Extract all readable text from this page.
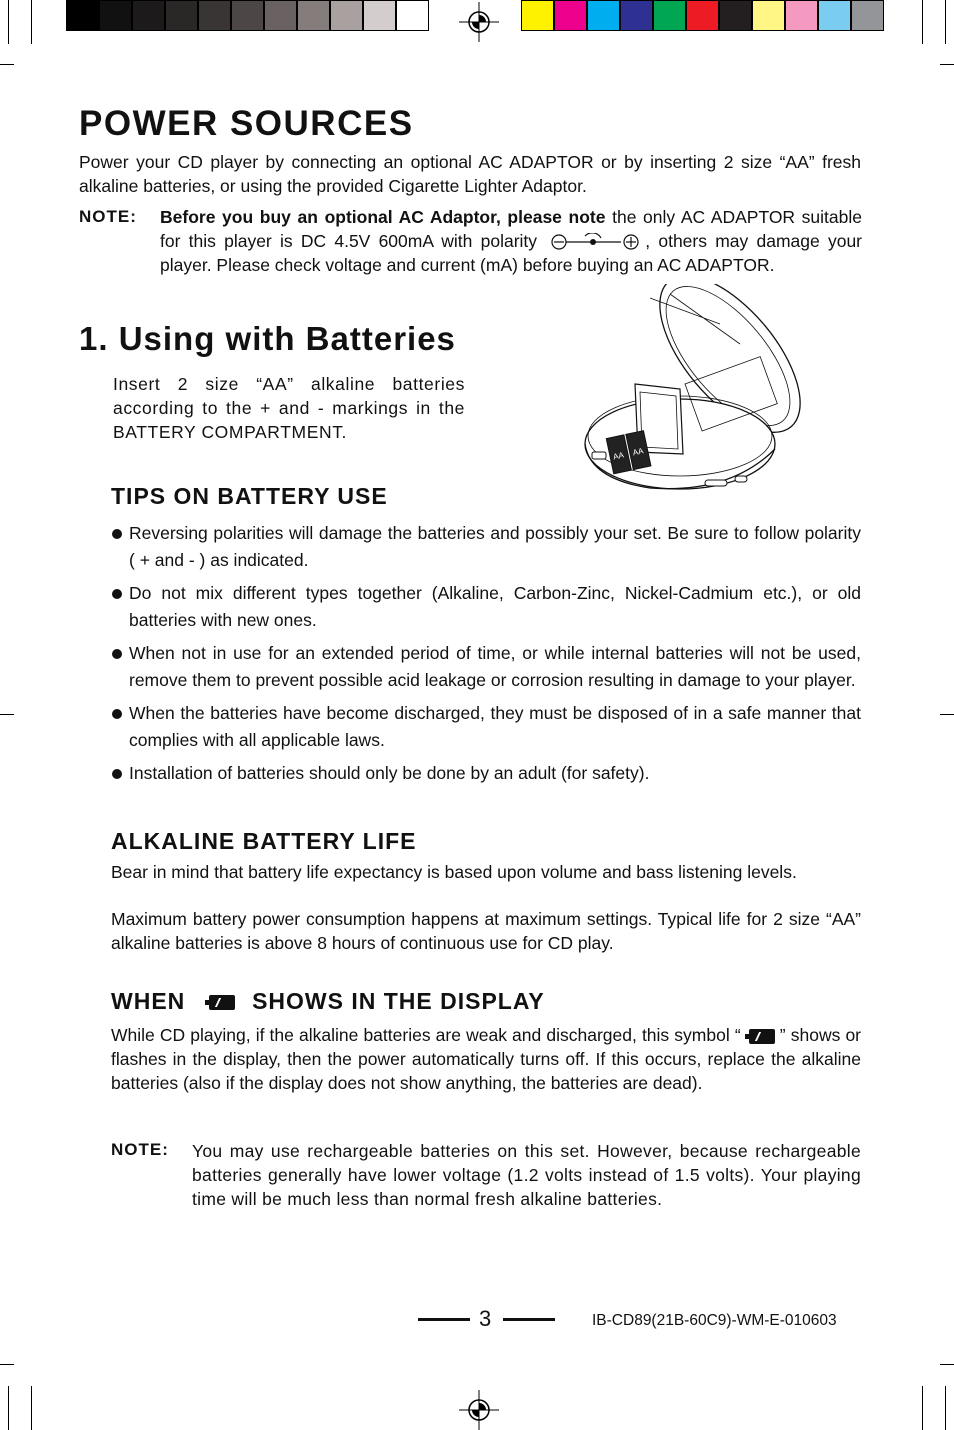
POWER SOURCES

Power your CD player by connecting an optional AC ADAPTOR or by inserting 2 size “AA” fresh alkaline batteries, or using the provided Cigarette Lighter Adaptor.

NOTE: Before you buy an optional AC Adaptor, please note the only AC ADAPTOR suitable for this player is DC 4.5V 600mA with polarity	, others may damage your player. Please check voltage and current (mA) before buying an AC ADAPTOR.

1. Using with Batteries

Insert 2 size “AA” alkaline batteries according to the + and - markings in the BATTERY COMPARTMENT.

AA AA
TIPS ON BATTERY USE
Reversing polarities will damage the batteries and possibly your set. Be sure to follow polarity ( + and - ) as indicated.
Do not mix different types together (Alkaline, Carbon-Zinc, Nickel-Cadmium etc.), or old batteries with new ones.
When not in use for an extended period of time, or while internal batteries will not be used, remove them to prevent possible acid leakage or corrosion resulting in damage to your player.
When the batteries have become discharged, they must be disposed of in a safe manner that complies with all applicable laws.
Installation of batteries should only be done by an adult (for safety).
ALKALINE BATTERY LIFE

Bear in mind that battery life expectancy is based upon volume and bass listening levels.

Maximum battery power consumption happens at maximum settings. Typical life for 2 size “AA” alkaline batteries is above 8 hours of continuous use for CD play.

WHEN	SHOWS IN THE DISPLAY

While CD playing, if the alkaline batteries are weak and discharged, this symbol “ ” shows or flashes in the display, then the power automatically turns off. If this occurs, replace the alkaline batteries (also if the display does not show anything, the batteries are dead).

NOTE: You may use rechargeable batteries on this set. However, because rechargeable batteries generally have lower voltage (1.2 volts instead of 1.5 volts). Your playing time will be much less than normal fresh alkaline batteries.

3	IB-CD89(21B-60C9)-WM-E-010603
